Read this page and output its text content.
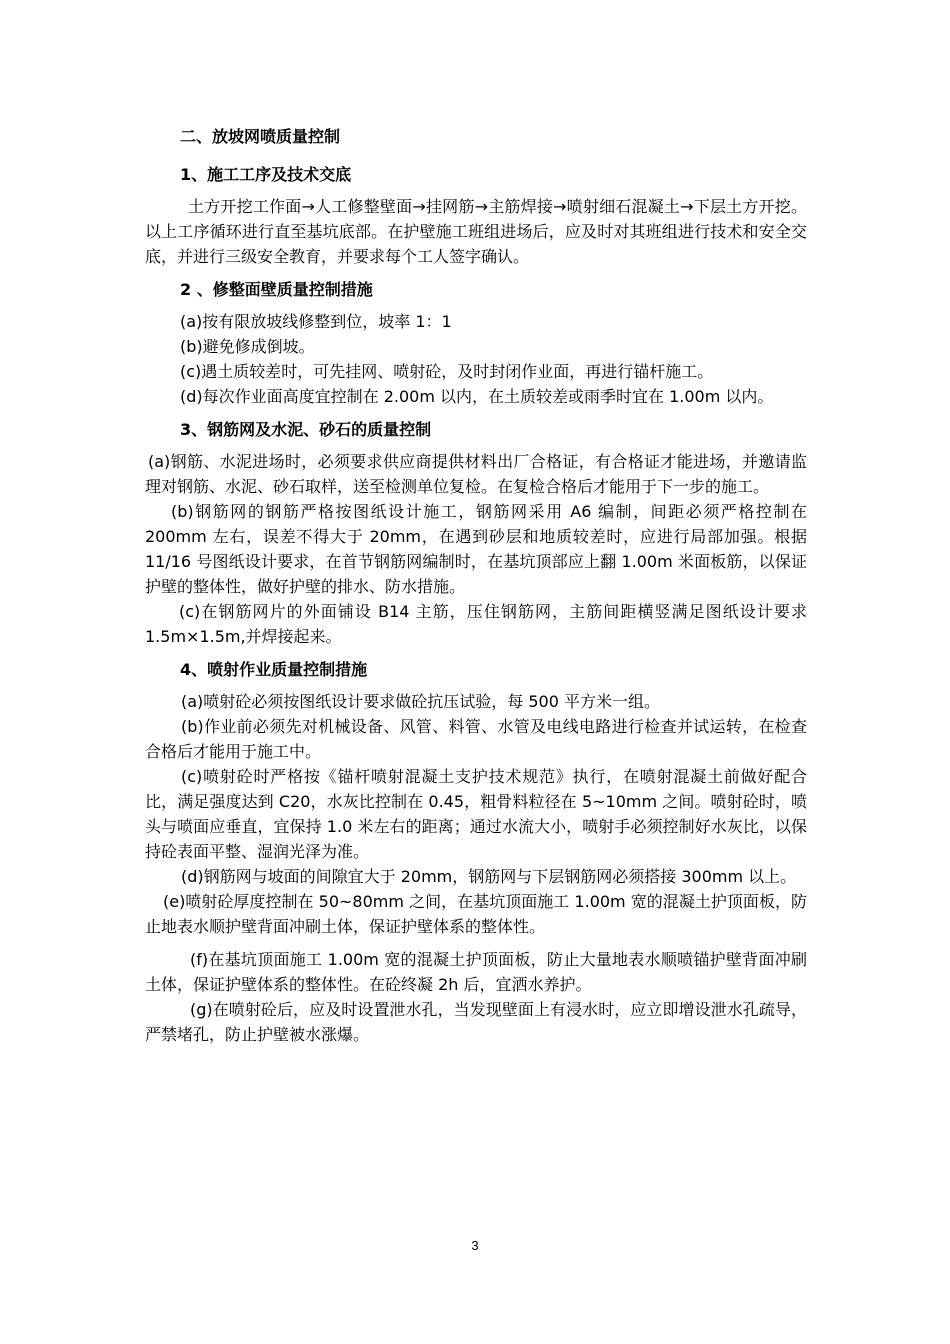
二、放坡网喷质量控制

1、施工工序及技术交底

土方开挖工作面→人工修整壁面→挂网筋→主筋焊接→喷射细石混凝土→下层土方开挖。以上工序循环进行直至基坑底部。在护壁施工班组进场后，应及时对其班组进行技术和安全交底，并进行三级安全教育，并要求每个工人签字确认。

2 、修整面壁质量控制措施

(a)按有限放坡线修整到位，坡率 1：1

(b)避免修成倒坡。

(c)遇土质较差时，可先挂网、喷射砼，及时封闭作业面，再进行锚杆施工。

(d)每次作业面高度宜控制在 2.00m 以内，在土质较差或雨季时宜在 1.00m 以内。

3、钢筋网及水泥、砂石的质量控制

(a)钢筋、水泥进场时，必须要求供应商提供材料出厂合格证，有合格证才能进场，并邀请监理对钢筋、水泥、砂石取样，送至检测单位复检。在复检合格后才能用于下一步的施工。

(b)钢筋网的钢筋严格按图纸设计施工，钢筋网采用 A6 编制，间距必须严格控制在 200mm 左右，误差不得大于 20mm，在遇到砂层和地质较差时，应进行局部加强。根据 11/16 号图纸设计要求，在首节钢筋网编制时，在基坑顶部应上翻 1.00m 米面板筋，以保证护壁的整体性，做好护壁的排水、防水措施。

(c)在钢筋网片的外面铺设 B14 主筋，压住钢筋网，主筋间距横竖满足图纸设计要求 1.5m×1.5m,并焊接起来。

4、喷射作业质量控制措施

(a)喷射砼必须按图纸设计要求做砼抗压试验，每 500 平方米一组。

(b)作业前必须先对机械设备、风管、料管、水管及电线电路进行检查并试运转，在检查合格后才能用于施工中。

(c)喷射砼时严格按《锚杆喷射混凝土支护技术规范》执行，在喷射混凝土前做好配合比，满足强度达到 C20，水灰比控制在 0.45，粗骨料粒径在 5~10mm 之间。喷射砼时，喷头与喷面应垂直，宜保持 1.0 米左右的距离；通过水流大小，喷射手必须控制好水灰比，以保持砼表面平整、湿润光泽为准。

(d)钢筋网与坡面的间隙宜大于 20mm，钢筋网与下层钢筋网必须搭接 300mm 以上。

(e)喷射砼厚度控制在 50~80mm 之间，在基坑顶面施工 1.00m 宽的混凝土护顶面板，防止地表水顺护壁背面冲刷土体，保证护壁体系的整体性。

(f)在基坑顶面施工 1.00m 宽的混凝土护顶面板，防止大量地表水顺喷锚护壁背面冲刷土体，保证护壁体系的整体性。在砼终凝 2h 后，宜洒水养护。

(g)在喷射砼后，应及时设置泄水孔，当发现壁面上有浸水时，应立即增设泄水孔疏导，严禁堵孔，防止护壁被水涨爆。

3
